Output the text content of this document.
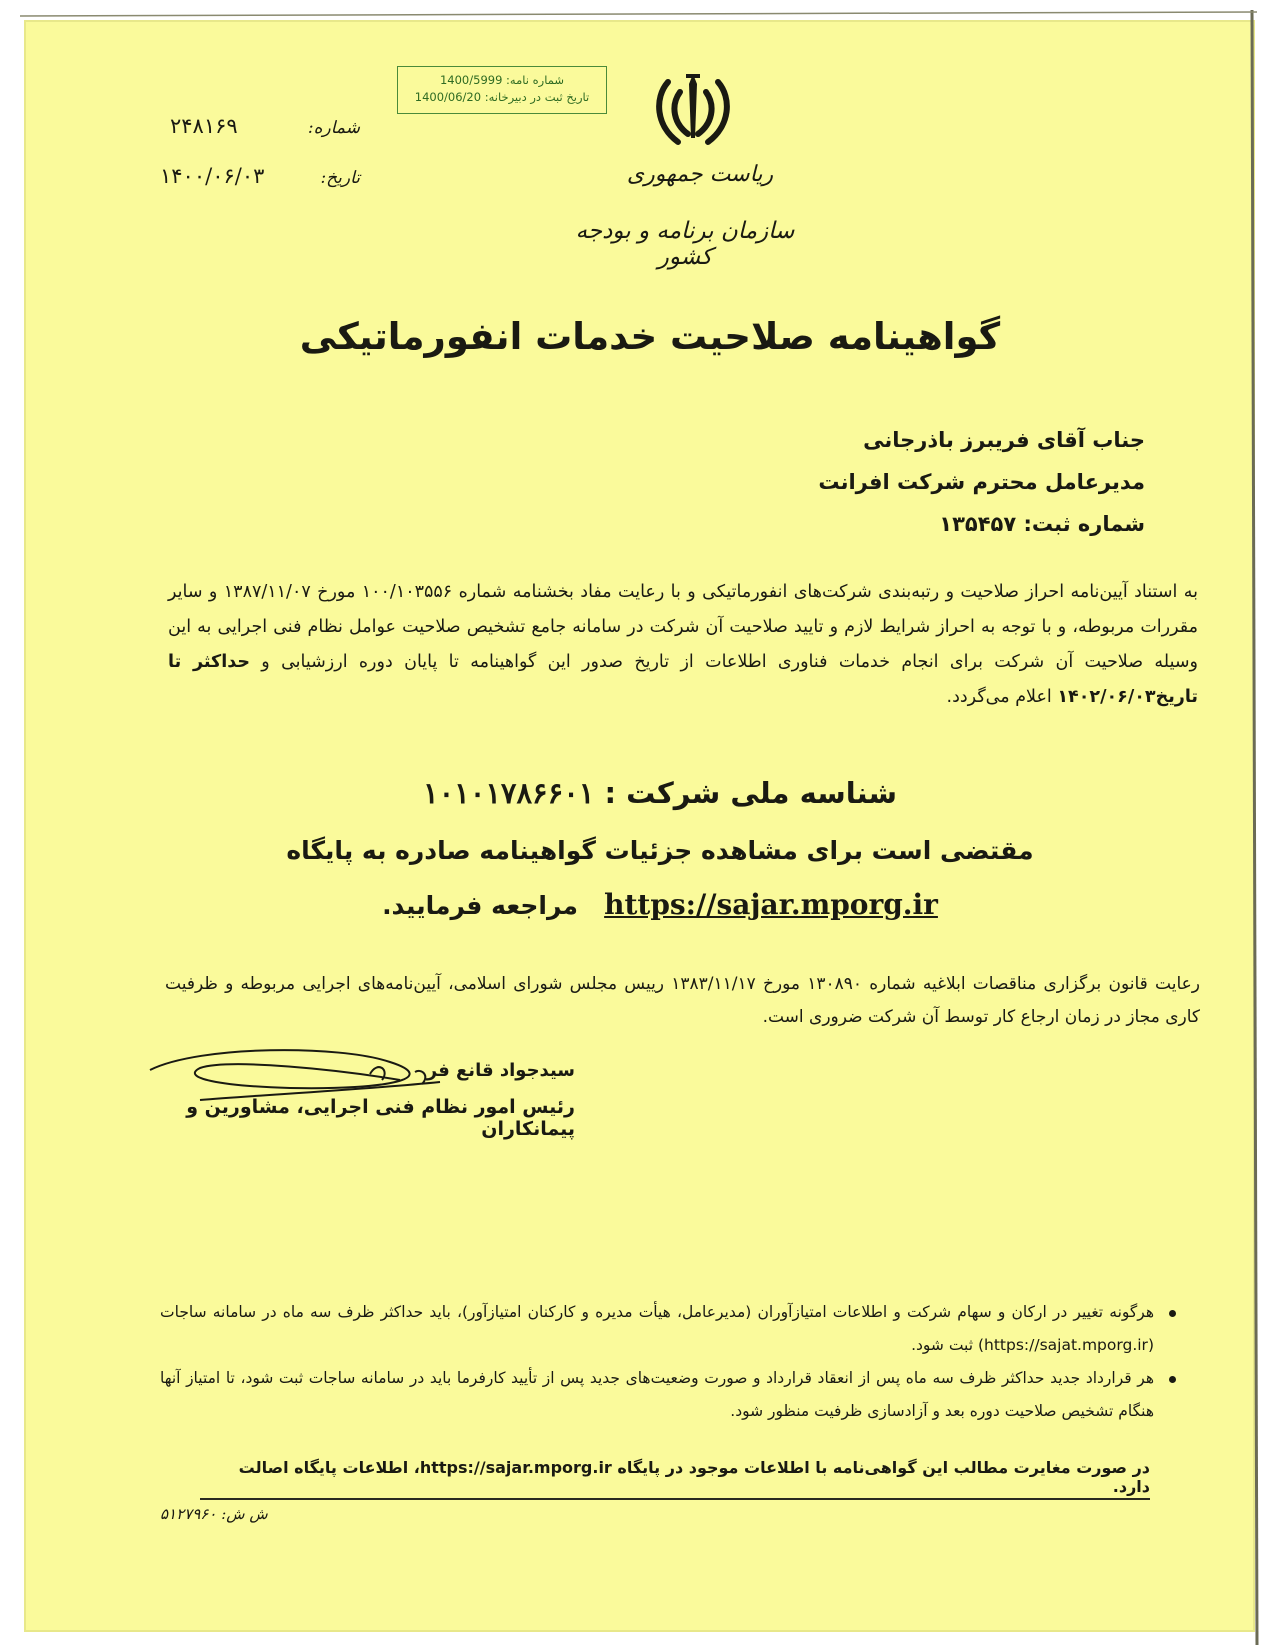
شماره نامه: 1400/5999
تاریخ ثبت در دبیرخانه: 1400/06/20
ریاست جمهوری
سازمان برنامه و بودجه کشور
شماره:
۲۴۸۱۶۹
تاریخ:
۱۴۰۰/۰۶/۰۳
گواهینامه صلاحیت خدمات انفورماتیکی
جناب آقای فریبرز باذرجانی
مدیرعامل محترم شرکت افرانت
شماره ثبت: ۱۳۵۴۵۷
به استناد آیین‌نامه احراز صلاحیت و رتبه‌بندی شرکت‌های انفورماتیکی و با رعایت مفاد بخشنامه شماره ۱۰۰/۱۰۳۵۵۶ مورخ ۱۳۸۷/۱۱/۰۷ و سایر مقررات مربوطه، و با توجه به احراز شرایط لازم و تایید صلاحیت آن شرکت در سامانه جامع تشخیص صلاحیت عوامل نظام فنی اجرایی به این وسیله صلاحیت آن شرکت برای انجام خدمات فناوری اطلاعات از تاریخ صدور این گواهینامه تا پایان دوره ارزشیابی و حداکثر تا تاریخ۱۴۰۲/۰۶/۰۳ اعلام می‌گردد.
شناسه ملی شرکت : ۱۰۱۰۱۷۸۶۶۰۱
مقتضی است برای مشاهده جزئیات گواهینامه صادره به پایگاه
https://sajar.mporg.ir   مراجعه فرمایید.
رعایت قانون برگزاری مناقصات ابلاغیه شماره ۱۳۰۸۹۰ مورخ ۱۳۸۳/۱۱/۱۷ رییس مجلس شورای اسلامی، آیین‌نامه‌های اجرایی مربوطه و ظرفیت کاری مجاز در زمان ارجاع کار توسط آن شرکت ضروری است.
سیدجواد قانع فر
رئیس امور نظام فنی اجرایی، مشاورین و پیمانکاران
هرگونه تغییر در ارکان و سهام شرکت و اطلاعات امتیازآوران (مدیرعامل، هیأت مدیره و کارکنان امتیازآور)، باید حداکثر ظرف سه ماه در سامانه ساجات (https://sajat.mporg.ir) ثبت شود.
هر قرارداد جدید حداکثر ظرف سه ماه پس از انعقاد قرارداد و صورت وضعیت‌های جدید پس از تأیید کارفرما باید در سامانه ساجات ثبت شود، تا امتیاز آنها هنگام تشخیص صلاحیت دوره بعد و آزادسازی ظرفیت منظور شود.
در صورت مغایرت مطالب این گواهی‌نامه با اطلاعات موجود در پایگاه https://sajar.mporg.ir، اطلاعات پایگاه اصالت دارد.
ش ش: ۵۱۲۷۹۶۰
